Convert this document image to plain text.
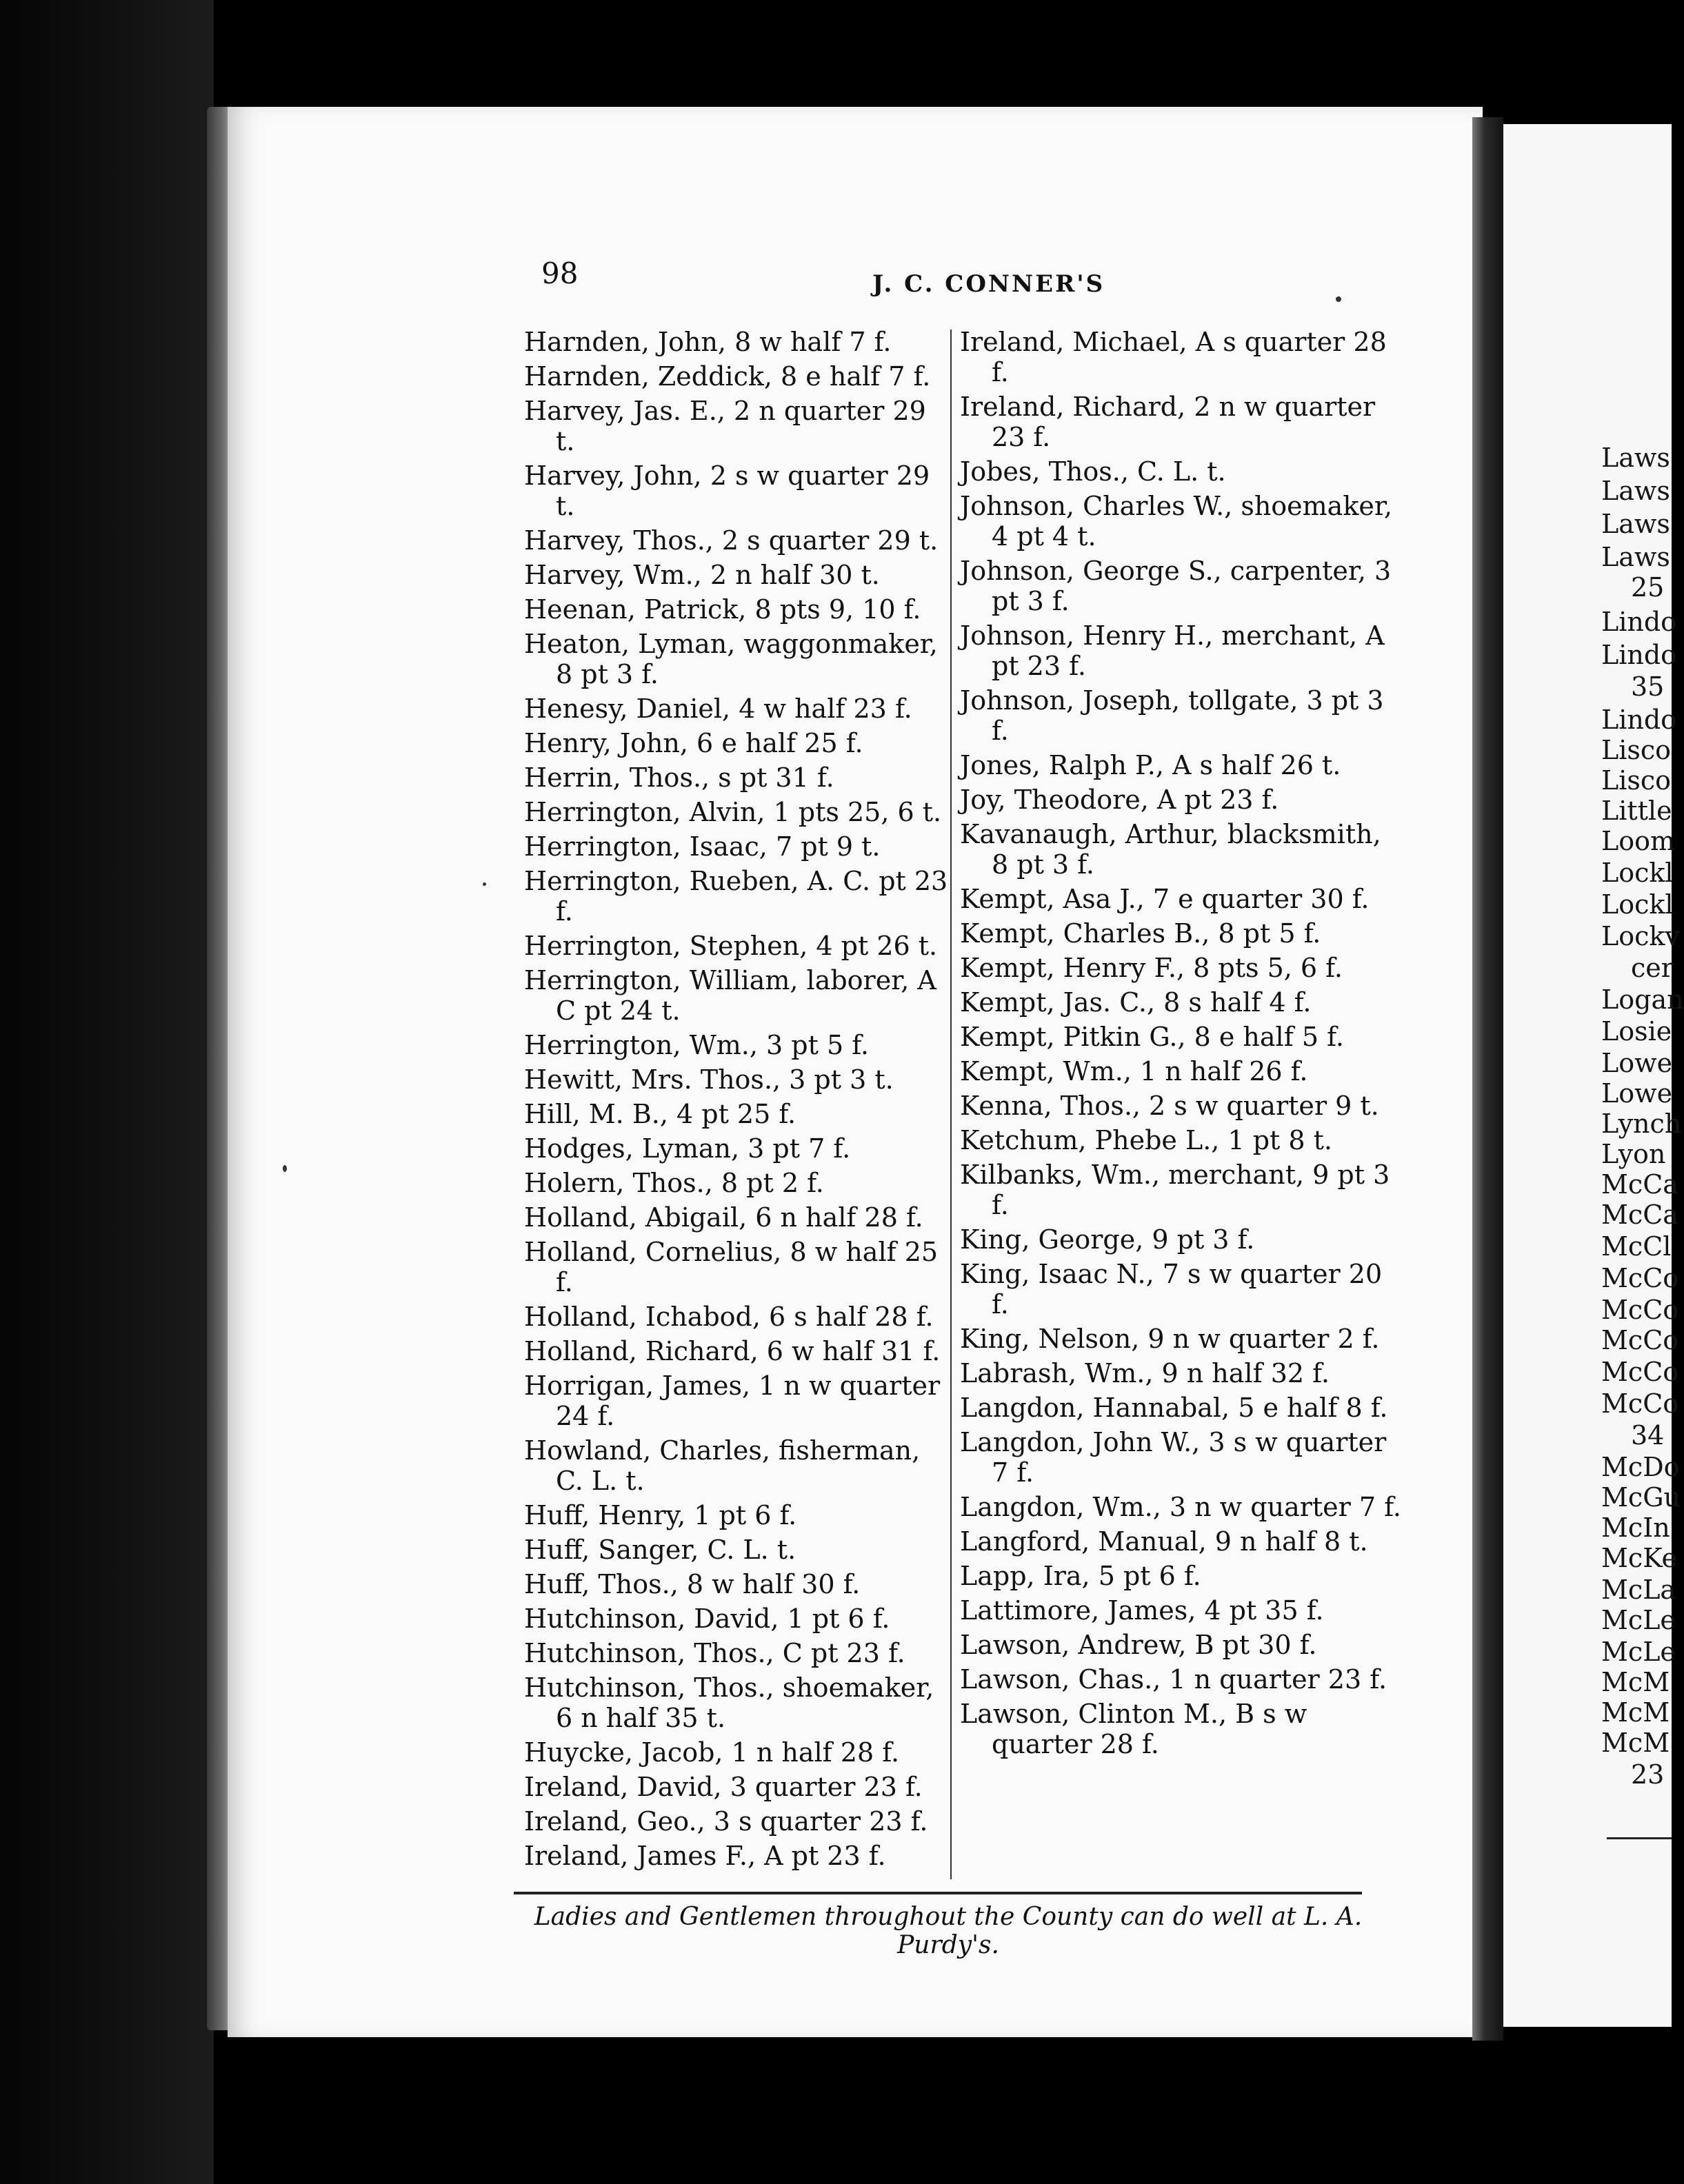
98	J. C. CONNER'S
Harnden, John, 8 w half 7 f.
Harnden, Zeddick, 8 e half 7 f.
Harvey, Jas. E., 2 n quarter 29 t.
Harvey, John, 2 s w quarter 29 t.
Harvey, Thos., 2 s quarter 29 t.
Harvey, Wm., 2 n half 30 t.
Heenan, Patrick, 8 pts 9, 10 f.
Heaton, Lyman, waggonmaker, 8 pt 3 f.
Henesy, Daniel, 4 w half 23 f.
Henry, John, 6 e half 25 f.
Herrin, Thos., s pt 31 f.
Herrington, Alvin, 1 pts 25, 6 t.
Herrington, Isaac, 7 pt 9 t.
Herrington, Rueben, A. C. pt 23 f.
Herrington, Stephen, 4 pt 26 t.
Herrington, William, laborer, A C pt 24 t.
Herrington, Wm., 3 pt 5 f.
Hewitt, Mrs. Thos., 3 pt 3 t.
Hill, M. B., 4 pt 25 f.
Hodges, Lyman, 3 pt 7 f.
Holern, Thos., 8 pt 2 f.
Holland, Abigail, 6 n half 28 f.
Holland, Cornelius, 8 w half 25 f.
Holland, Ichabod, 6 s half 28 f.
Holland, Richard, 6 w half 31 f.
Horrigan, James, 1 n w quarter 24 f.
Howland, Charles, fisherman, C. L. t.
Huff, Henry, 1 pt 6 f.
Huff, Sanger, C. L. t.
Huff, Thos., 8 w half 30 f.
Hutchinson, David, 1 pt 6 f.
Hutchinson, Thos., C pt 23 f.
Hutchinson, Thos., shoemaker, 6 n half 35 t.
Huycke, Jacob, 1 n half 28 f.
Ireland, David, 3 quarter 23 f.
Ireland, Geo., 3 s quarter 23 f.
Ireland, James F., A pt 23 f.
Ireland, Michael, A s quarter 28 f.
Ireland, Richard, 2 n w quarter 23 f.
Jobes, Thos., C. L. t.
Johnson, Charles W., shoemaker, 4 pt 4 t.
Johnson, George S., carpenter, 3 pt 3 f.
Johnson, Henry H., merchant, A pt 23 f.
Johnson, Joseph, tollgate, 3 pt 3 f.
Jones, Ralph P., A s half 26 t.
Joy, Theodore, A pt 23 f.
Kavanaugh, Arthur, blacksmith, 8 pt 3 f.
Kempt, Asa J., 7 e quarter 30 f.
Kempt, Charles B., 8 pt 5 f.
Kempt, Henry F., 8 pts 5, 6 f.
Kempt, Jas. C., 8 s half 4 f.
Kempt, Pitkin G., 8 e half 5 f.
Kempt, Wm., 1 n half 26 f.
Kenna, Thos., 2 s w quarter 9 t.
Ketchum, Phebe L., 1 pt 8 t.
Kilbanks, Wm., merchant, 9 pt 3 f.
King, George, 9 pt 3 f.
King, Isaac N., 7 s w quarter 20 f.
King, Nelson, 9 n w quarter 2 f.
Labrash, Wm., 9 n half 32 f.
Langdon, Hannabal, 5 e half 8 f.
Langdon, John W., 3 s w quarter 7 f.
Langdon, Wm., 3 n w quarter 7 f.
Langford, Manual, 9 n half 8 t.
Lapp, Ira, 5 pt 6 f.
Lattimore, James, 4 pt 35 f.
Lawson, Andrew, B pt 30 f.
Lawson, Chas., 1 n quarter 23 f.
Lawson, Clinton M., B s w quarter 28 f.
Ladies and Gentlemen throughout the County can do well at L. A. Purdy's.
Laws
Laws
Laws
Laws
25
Lindo
Lindo
35
Lindo
Lisco
Lisco
Little
Loom
Lockl
Lockl
Lockv
cer
Logan
Losie
Lowe
Lowe
Lynch
Lyon
McCa
McCa
McCl
McCo
McCo
McCo
McCo
McCo
34
McDo
McGu
McIn
McKe
McLa
McLe
McLe
McM
McM
McM
23
